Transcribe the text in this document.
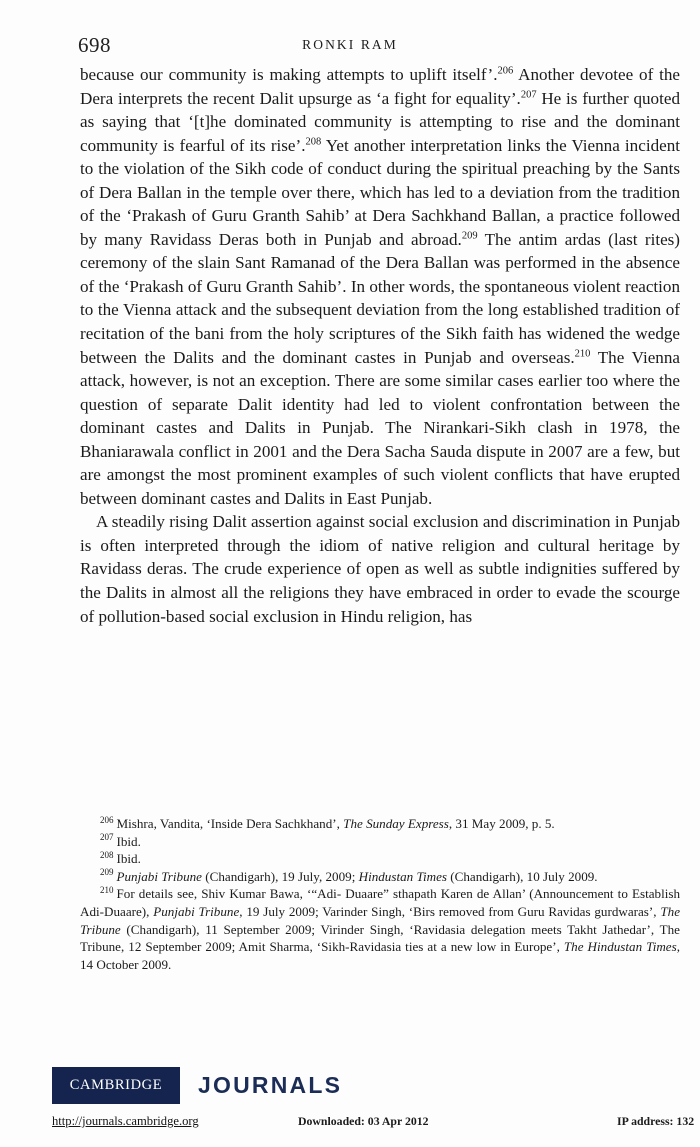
698	RONKI RAM

because our community is making attempts to uplift itself’.$^{206}$ Another devotee of the Dera interprets the recent Dalit upsurge as ‘a fight for equality’.$^{207}$ He is further quoted as saying that ‘[t]he dominated community is attempting to rise and the dominant community is fearful of its rise’.$^{208}$ Yet another interpretation links the Vienna incident to the violation of the Sikh code of conduct during the spiritual preaching by the Sants of Dera Ballan in the temple over there, which has led to a deviation from the tradition of the ‘Prakash of Guru Granth Sahib’ at Dera Sachkhand Ballan, a practice followed by many Ravidass Deras both in Punjab and abroad.$^{209}$ The antim ardas (last rites) ceremony of the slain Sant Ramanad of the Dera Ballan was performed in the absence of the ‘Prakash of Guru Granth Sahib’. In other words, the spontaneous violent reaction to the Vienna attack and the subsequent deviation from the long established tradition of recitation of the bani from the holy scriptures of the Sikh faith has widened the wedge between the Dalits and the dominant castes in Punjab and overseas.$^{210}$ The Vienna attack, however, is not an exception. There are some similar cases earlier too where the question of separate Dalit identity had led to violent confrontation between the dominant castes and Dalits in Punjab. The Nirankari-Sikh clash in 1978, the Bhaniarawala conflict in 2001 and the Dera Sacha Sauda dispute in 2007 are a few, but are amongst the most prominent examples of such violent conflicts that have erupted between dominant castes and Dalits in East Punjab.

A steadily rising Dalit assertion against social exclusion and discrimination in Punjab is often interpreted through the idiom of native religion and cultural heritage by Ravidass deras. The crude experience of open as well as subtle indignities suffered by the Dalits in almost all the religions they have embraced in order to evade the scourge of pollution-based social exclusion in Hindu religion, has

$^{206}$ Mishra, Vandita, ‘Inside Dera Sachkhand’, The Sunday Express, 31 May 2009, p. 5.

$^{207}$ Ibid.

$^{208}$ Ibid.

$^{209}$ Punjabi Tribune (Chandigarh), 19 July, 2009; Hindustan Times (Chandigarh), 10 July 2009.

$^{210}$ For details see, Shiv Kumar Bawa, ‘“Adi- Duaare” sthapath Karen de Allan’ (Announcement to Establish Adi-Duaare), Punjabi Tribune, 19 July 2009; Varinder Singh, ‘Birs removed from Guru Ravidas gurdwaras’, The Tribune (Chandigarh), 11 September 2009; Virinder Singh, ‘Ravidasia delegation meets Takht Jathedar’, The Tribune, 12 September 2009; Amit Sharma, ‘Sikh-Ravidasia ties at a new low in Europe’, The Hindustan Times, 14 October 2009.

CAMBRIDGE JOURNALS
http://journals.cambridge.org	Downloaded: 03 Apr 2012	IP address: 132
